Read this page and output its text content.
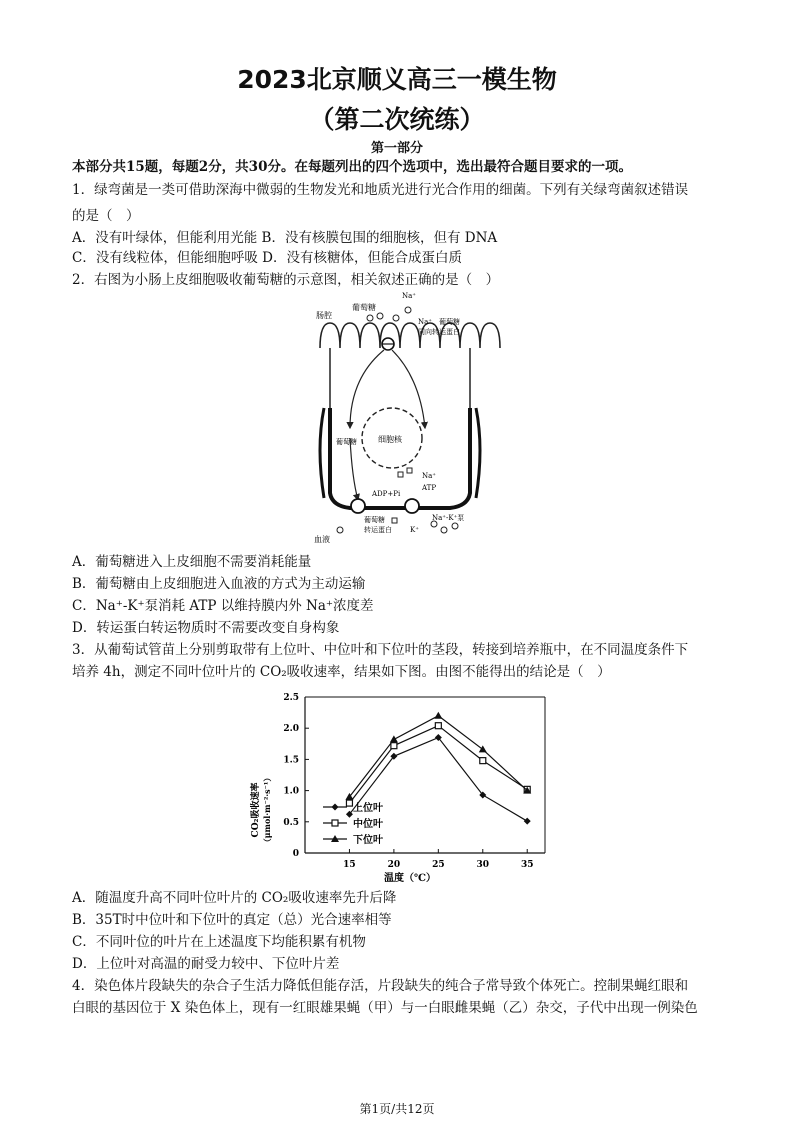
2023北京顺义高三一模生物
（第二次统练）
第一部分
本部分共15题，每题2分，共30分。在每题列出的四个选项中，选出最符合题目要求的一项。
1．绿弯菌是一类可借助深海中微弱的生物发光和地质光进行光合作用的细菌。下列有关绿弯菌叙述错误
的是（　）
A．没有叶绿体，但能利用光能 B．没有核膜包围的细胞核，但有 DNA
C．没有线粒体，但能细胞呼吸 D．没有核糖体，但能合成蛋白质
2．右图为小肠上皮细胞吸收葡萄糖的示意图，相关叙述正确的是（　）
肠腔
葡萄糖
Na⁺
Na⁺、葡萄糖
同向转运蛋白
细胞核
葡萄糖
Na⁺
ADP+Pi
ATP
Na⁺-K⁺泵
葡萄糖
转运蛋白	K⁺
血液
A．葡萄糖进入上皮细胞不需要消耗能量
B．葡萄糖由上皮细胞进入血液的方式为主动运输
C．Na⁺-K⁺泵消耗 ATP 以维持膜内外 Na⁺浓度差
D．转运蛋白转运物质时不需要改变自身构象
3．从葡萄试管苗上分别剪取带有上位叶、中位叶和下位叶的茎段，转接到培养瓶中，在不同温度条件下
培养 4h，测定不同叶位叶片的 CO₂吸收速率，结果如下图。由图不能得出的结论是（　）
0
0.5
1.0
1.5
2.0
2.5
15	20	25	30	35
上位叶
中位叶
下位叶
CO₂吸收速率 （μmol·m⁻²·s⁻¹）
温度（℃）
A．随温度升高不同叶位叶片的 CO₂吸收速率先升后降
B．35T时中位叶和下位叶的真定（总）光合速率相等
C．不同叶位的叶片在上述温度下均能积累有机物
D．上位叶对高温的耐受力较中、下位叶片差
4．染色体片段缺失的杂合子生活力降低但能存活，片段缺失的纯合子常导致个体死亡。控制果蝇红眼和
白眼的基因位于 X 染色体上，现有一红眼雄果蝇（甲）与一白眼雌果蝇（乙）杂交，子代中出现一例染色
第1页/共12页
